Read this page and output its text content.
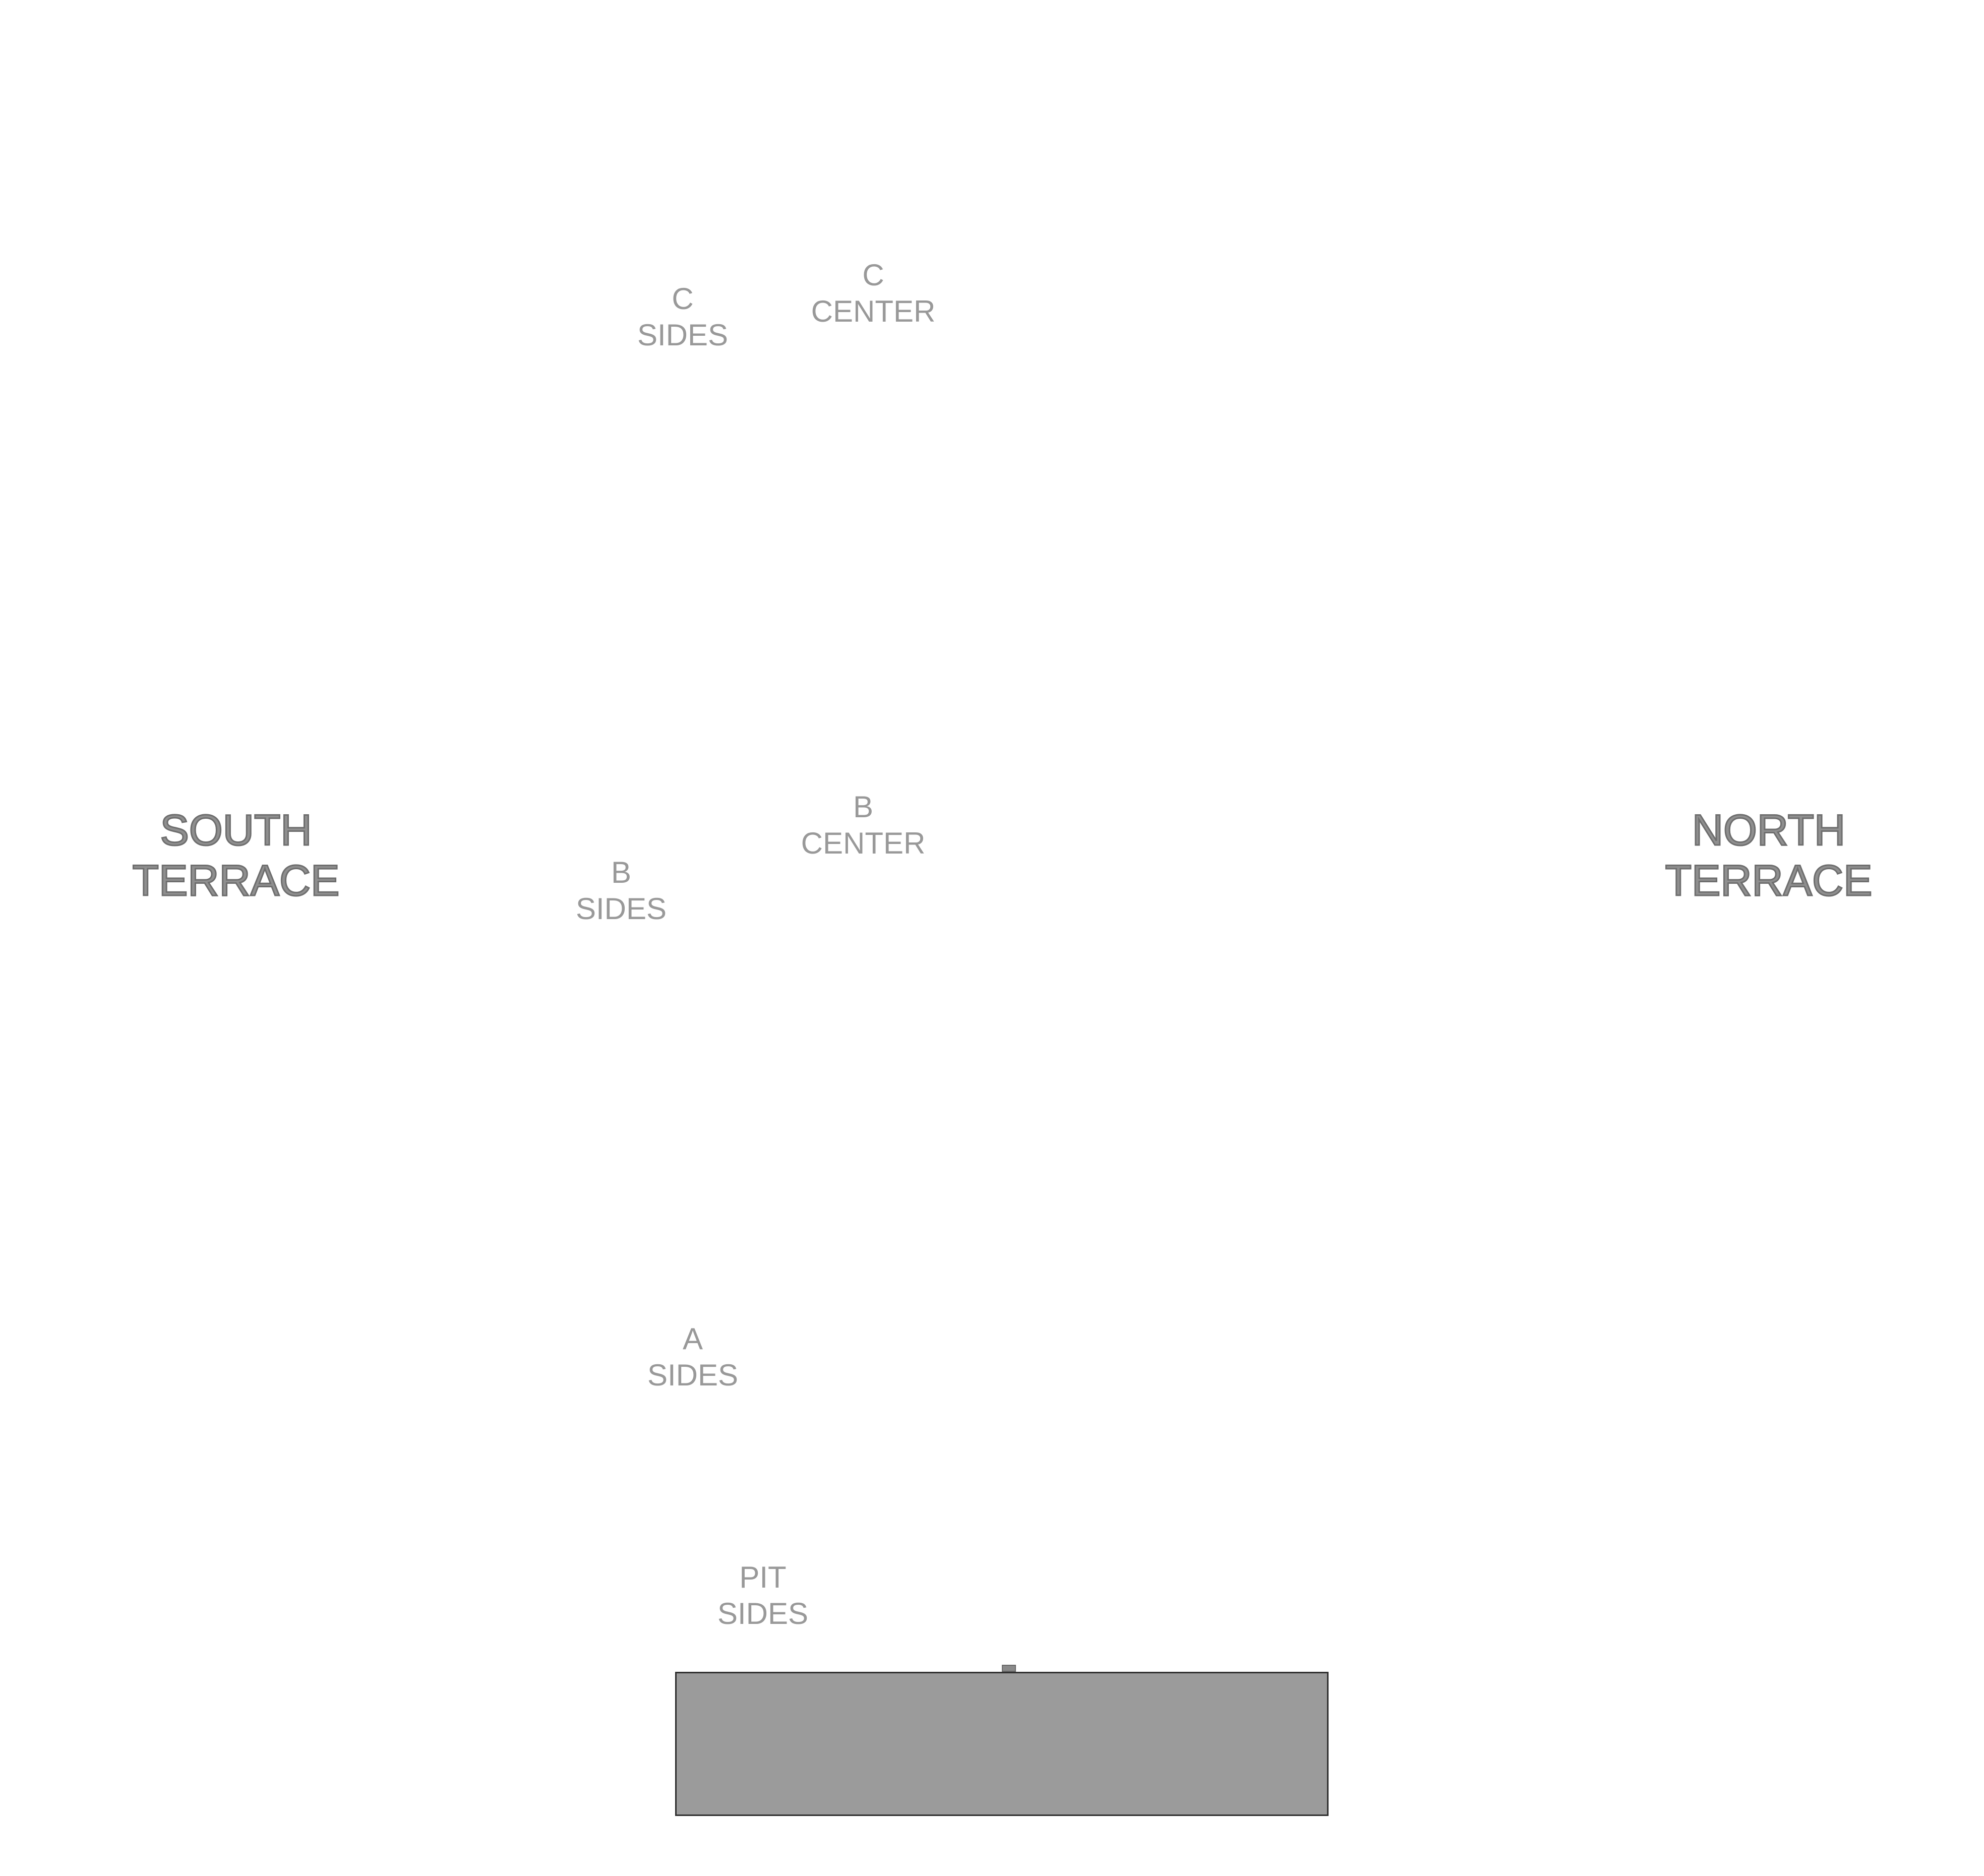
C
SIDES
C
CENTER
B
CENTER
B
SIDES
A
SIDES
PIT
SIDES
SOUTH
TERRACE
NORTH
TERRACE
